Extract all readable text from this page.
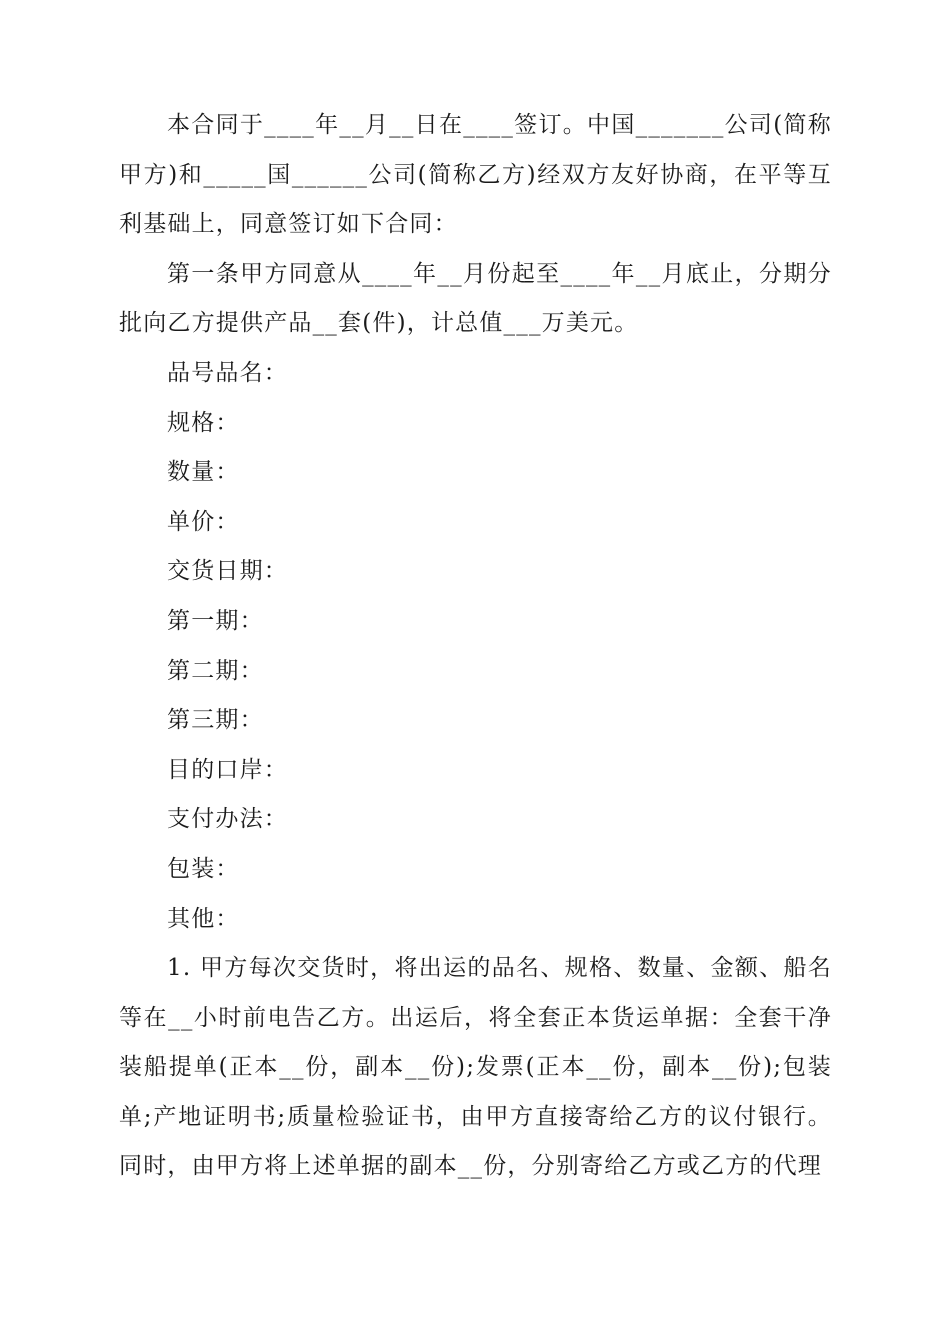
本合同于____年__月__日在____签订。中国_______公司(简称甲方)和_____国______公司(简称乙方)经双方友好协商，在平等互利基础上，同意签订如下合同：

第一条甲方同意从____年__月份起至____年__月底止，分期分批向乙方提供产品__套(件)，计总值___万美元。

品号品名：

规格：

数量：

单价：

交货日期：

第一期：

第二期：

第三期：

目的口岸：

支付办法：

包装：

其他：

1. 甲方每次交货时，将出运的品名、规格、数量、金额、船名等在__小时前电告乙方。出运后，将全套正本货运单据：全套干净装船提单(正本__份，副本__份);发票(正本__份，副本__份);包装单;产地证明书;质量检验证书，由甲方直接寄给乙方的议付银行。同时，由甲方将上述单据的副本__份，分别寄给乙方或乙方的代理
